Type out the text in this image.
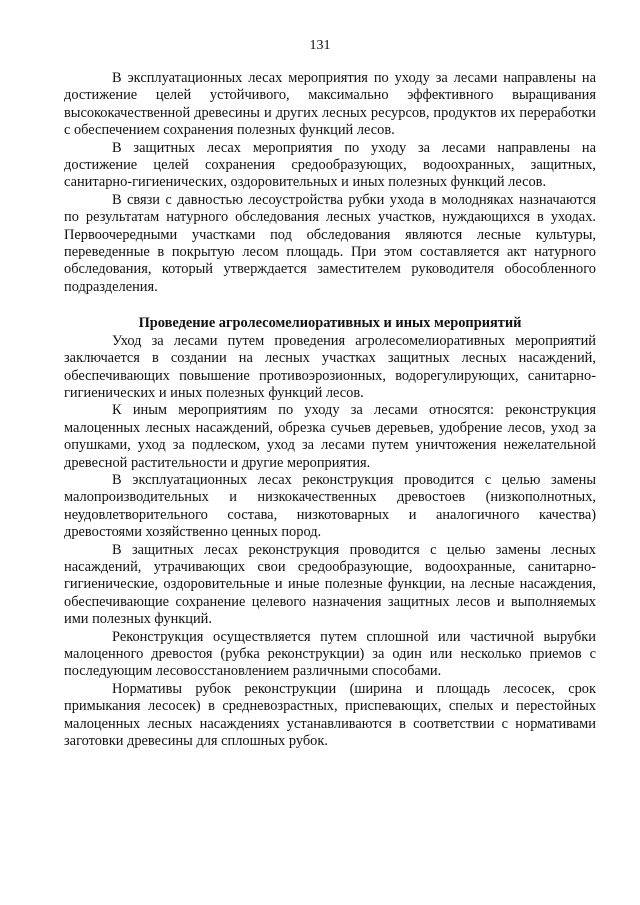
131

В эксплуатационных лесах мероприятия по уходу за лесами направлены на достижение целей устойчивого, максимально эффективного выращивания высококачественной древесины и других лесных ресурсов, продуктов их переработки с обеспечением сохранения полезных функций лесов.

В защитных лесах мероприятия по уходу за лесами направлены на достижение целей сохранения средообразующих, водоохранных, защитных, санитарно-гигиенических, оздоровительных и иных полезных функций лесов.

В связи с давностью лесоустройства рубки ухода в молодняках назначаются по результатам натурного обследования лесных участков, нуждающихся в уходах. Первоочередными участками под обследования являются лесные культуры, переведенные в покрытую лесом площадь. При этом составляется акт натурного обследования, который утверждается заместителем руководителя обособленного подразделения.

Проведение агролесомелиоративных и иных мероприятий

Уход за лесами путем проведения агролесомелиоративных мероприятий заключается в создании на лесных участках защитных лесных насаждений, обеспечивающих повышение противоэрозионных, водорегулирующих, санитарно-гигиенических и иных полезных функций лесов.

К иным мероприятиям по уходу за лесами относятся: реконструкция малоценных лесных насаждений, обрезка сучьев деревьев, удобрение лесов, уход за опушками, уход за подлеском, уход за лесами путем уничтожения нежелательной древесной растительности и другие мероприятия.

В эксплуатационных лесах реконструкция проводится с целью замены малопроизводительных и низкокачественных древостоев (низкополнотных, неудовлетворительного состава, низкотоварных и аналогичного качества) древостоями хозяйственно ценных пород.

В защитных лесах реконструкция проводится с целью замены лесных насаждений, утрачивающих свои средообразующие, водоохранные, санитарно-гигиенические, оздоровительные и иные полезные функции, на лесные насаждения, обеспечивающие сохранение целевого назначения защитных лесов и выполняемых ими полезных функций.

Реконструкция осуществляется путем сплошной или частичной вырубки малоценного древостоя (рубка реконструкции) за один или несколько приемов с последующим лесовосстановлением различными способами.

Нормативы рубок реконструкции (ширина и площадь лесосек, срок примыкания лесосек) в средневозрастных, приспевающих, спелых и перестойных малоценных лесных насаждениях устанавливаются в соответствии с нормативами заготовки древесины для сплошных рубок.
